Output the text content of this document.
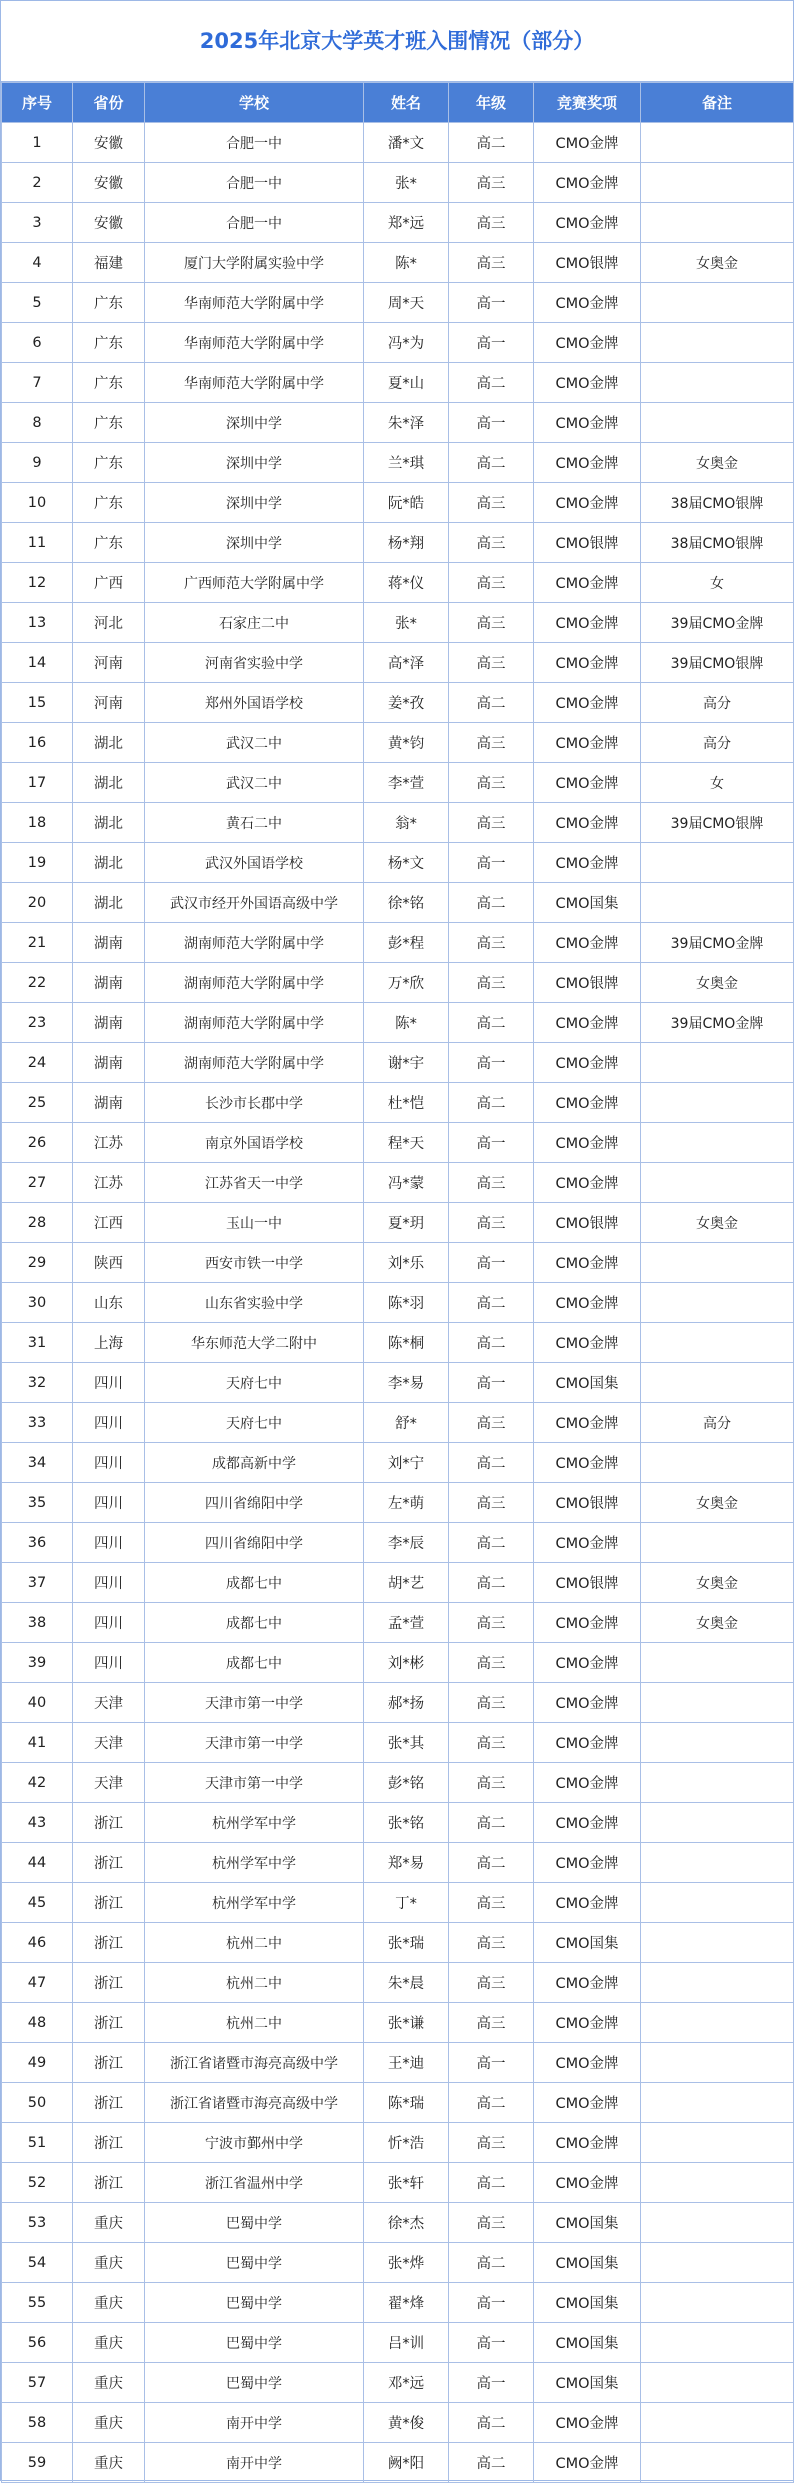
2025年北京大学英才班入围情况（部分）
序号	省份	学校	姓名	年级	竞赛奖项	备注
1	安徽	合肥一中	潘*文	高二	CMO金牌	
2	安徽	合肥一中	张*	高三	CMO金牌	
3	安徽	合肥一中	郑*远	高三	CMO金牌	
4	福建	厦门大学附属实验中学	陈*	高三	CMO银牌	女奥金
5	广东	华南师范大学附属中学	周*天	高一	CMO金牌	
6	广东	华南师范大学附属中学	冯*为	高一	CMO金牌	
7	广东	华南师范大学附属中学	夏*山	高二	CMO金牌	
8	广东	深圳中学	朱*泽	高一	CMO金牌	
9	广东	深圳中学	兰*琪	高二	CMO金牌	女奥金
10	广东	深圳中学	阮*皓	高三	CMO金牌	38届CMO银牌
11	广东	深圳中学	杨*翔	高三	CMO银牌	38届CMO银牌
12	广西	广西师范大学附属中学	蒋*仪	高三	CMO金牌	女
13	河北	石家庄二中	张*	高三	CMO金牌	39届CMO金牌
14	河南	河南省实验中学	高*泽	高三	CMO金牌	39届CMO银牌
15	河南	郑州外国语学校	姜*孜	高二	CMO金牌	高分
16	湖北	武汉二中	黄*钧	高三	CMO金牌	高分
17	湖北	武汉二中	李*萱	高三	CMO金牌	女
18	湖北	黄石二中	翁*	高三	CMO金牌	39届CMO银牌
19	湖北	武汉外国语学校	杨*文	高一	CMO金牌	
20	湖北	武汉市经开外国语高级中学	徐*铭	高二	CMO国集	
21	湖南	湖南师范大学附属中学	彭*程	高三	CMO金牌	39届CMO金牌
22	湖南	湖南师范大学附属中学	万*欣	高三	CMO银牌	女奥金
23	湖南	湖南师范大学附属中学	陈*	高二	CMO金牌	39届CMO金牌
24	湖南	湖南师范大学附属中学	谢*宇	高一	CMO金牌	
25	湖南	长沙市长郡中学	杜*恺	高二	CMO金牌	
26	江苏	南京外国语学校	程*天	高一	CMO金牌	
27	江苏	江苏省天一中学	冯*蒙	高三	CMO金牌	
28	江西	玉山一中	夏*玥	高三	CMO银牌	女奥金
29	陕西	西安市铁一中学	刘*乐	高一	CMO金牌	
30	山东	山东省实验中学	陈*羽	高二	CMO金牌	
31	上海	华东师范大学二附中	陈*桐	高二	CMO金牌	
32	四川	天府七中	李*易	高一	CMO国集	
33	四川	天府七中	舒*	高三	CMO金牌	高分
34	四川	成都高新中学	刘*宁	高二	CMO金牌	
35	四川	四川省绵阳中学	左*萌	高三	CMO银牌	女奥金
36	四川	四川省绵阳中学	李*辰	高二	CMO金牌	
37	四川	成都七中	胡*艺	高二	CMO银牌	女奥金
38	四川	成都七中	孟*萱	高三	CMO金牌	女奥金
39	四川	成都七中	刘*彬	高三	CMO金牌	
40	天津	天津市第一中学	郝*扬	高三	CMO金牌	
41	天津	天津市第一中学	张*其	高三	CMO金牌	
42	天津	天津市第一中学	彭*铭	高三	CMO金牌	
43	浙江	杭州学军中学	张*铭	高二	CMO金牌	
44	浙江	杭州学军中学	郑*易	高二	CMO金牌	
45	浙江	杭州学军中学	丁*	高三	CMO金牌	
46	浙江	杭州二中	张*瑞	高三	CMO国集	
47	浙江	杭州二中	朱*晨	高三	CMO金牌	
48	浙江	杭州二中	张*谦	高三	CMO金牌	
49	浙江	浙江省诸暨市海亮高级中学	王*迪	高一	CMO金牌	
50	浙江	浙江省诸暨市海亮高级中学	陈*瑞	高二	CMO金牌	
51	浙江	宁波市鄞州中学	忻*浩	高三	CMO金牌	
52	浙江	浙江省温州中学	张*轩	高二	CMO金牌	
53	重庆	巴蜀中学	徐*杰	高三	CMO国集	
54	重庆	巴蜀中学	张*烨	高二	CMO国集	
55	重庆	巴蜀中学	翟*烽	高一	CMO国集	
56	重庆	巴蜀中学	吕*训	高一	CMO国集	
57	重庆	巴蜀中学	邓*远	高一	CMO国集	
58	重庆	南开中学	黄*俊	高二	CMO金牌	
59	重庆	南开中学	阙*阳	高二	CMO金牌	
